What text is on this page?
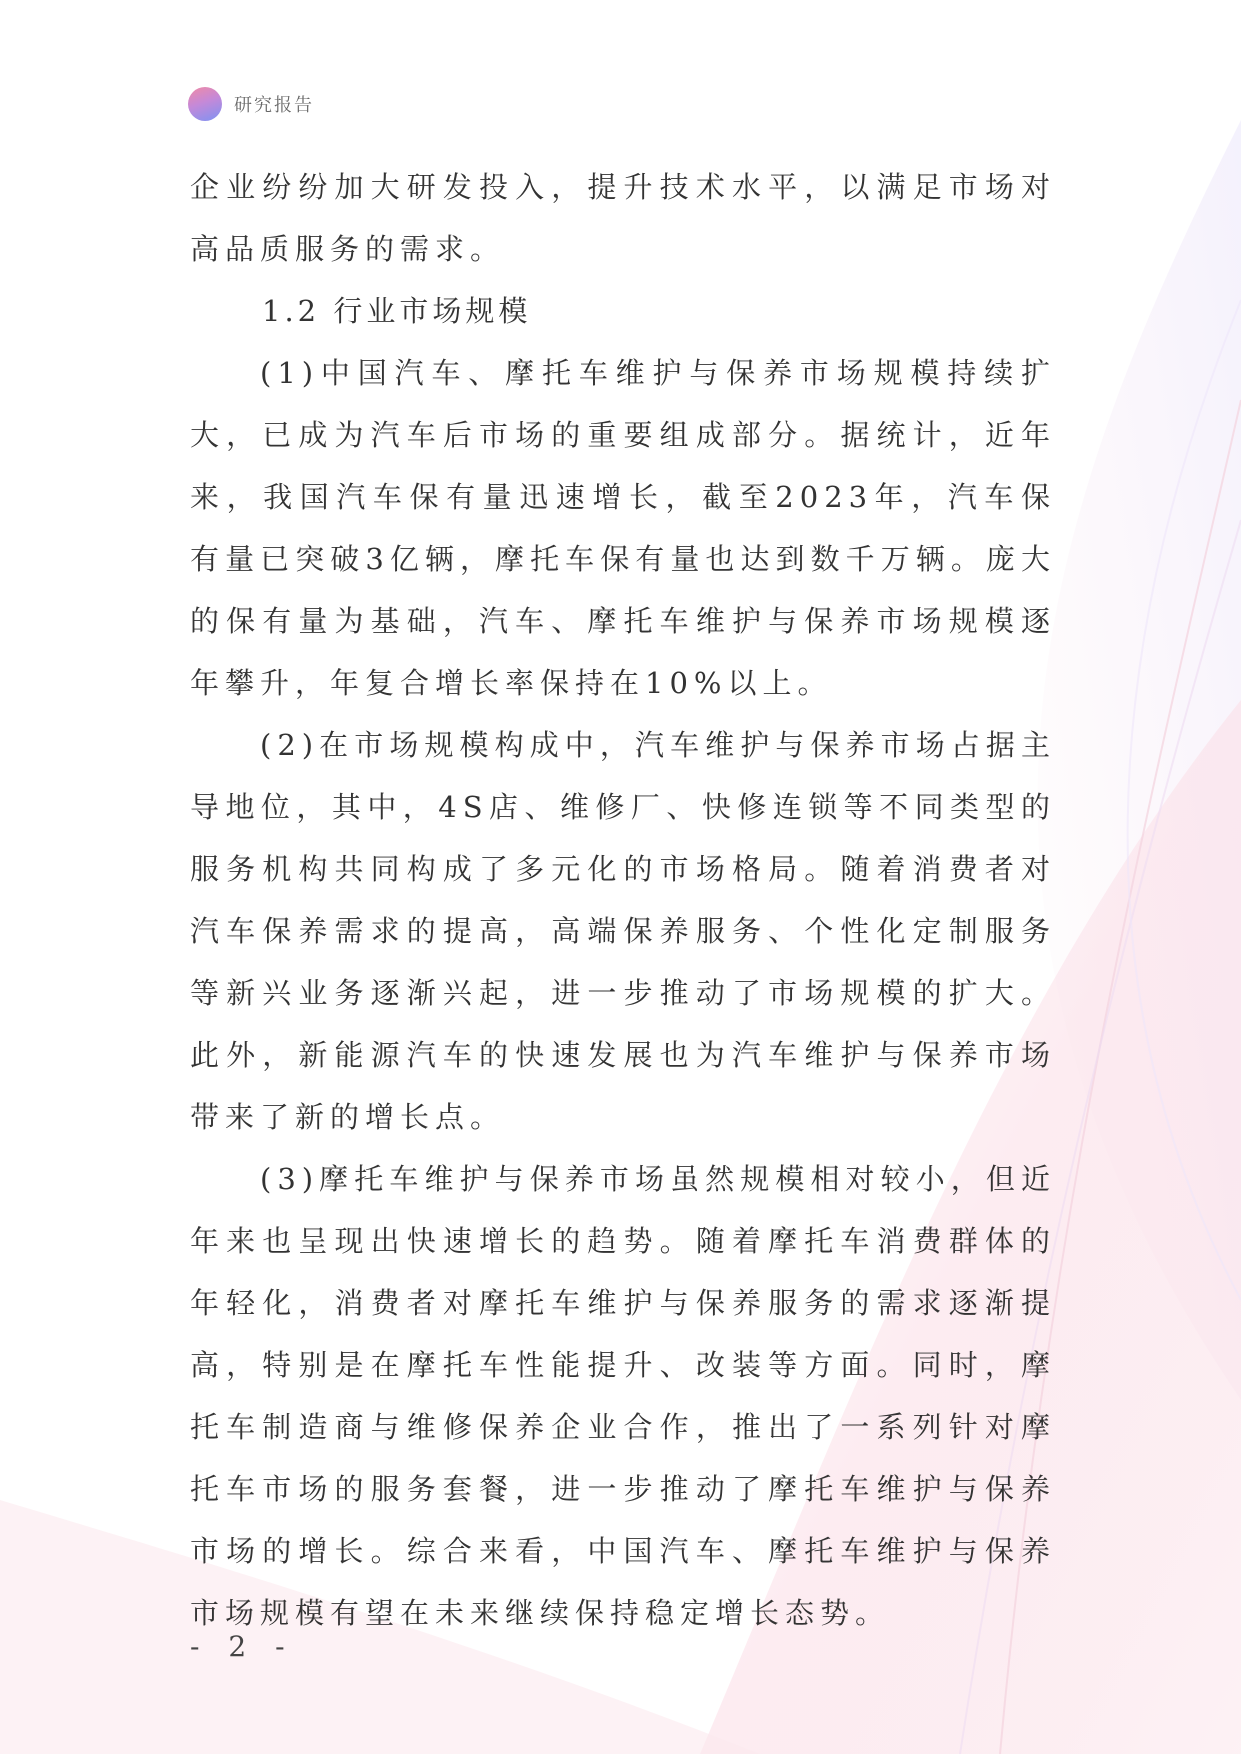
研究报告

企业纷纷加大研发投入，提升技术水平，以满足市场对高品质服务的需求。

1.2 行业市场规模

(1)中国汽车、摩托车维护与保养市场规模持续扩大，已成为汽车后市场的重要组成部分。据统计，近年来，我国汽车保有量迅速增长，截至2023年，汽车保有量已突破3亿辆，摩托车保有量也达到数千万辆。庞大的保有量为基础，汽车、摩托车维护与保养市场规模逐年攀升，年复合增长率保持在10%以上。

(2)在市场规模构成中，汽车维护与保养市场占据主导地位，其中，4S店、维修厂、快修连锁等不同类型的服务机构共同构成了多元化的市场格局。随着消费者对汽车保养需求的提高，高端保养服务、个性化定制服务等新兴业务逐渐兴起，进一步推动了市场规模的扩大。此外，新能源汽车的快速发展也为汽车维护与保养市场带来了新的增长点。

(3)摩托车维护与保养市场虽然规模相对较小，但近年来也呈现出快速增长的趋势。随着摩托车消费群体的年轻化，消费者对摩托车维护与保养服务的需求逐渐提高，特别是在摩托车性能提升、改装等方面。同时，摩托车制造商与维修保养企业合作，推出了一系列针对摩托车市场的服务套餐，进一步推动了摩托车维护与保养市场的增长。综合来看，中国汽车、摩托车维护与保养市场规模有望在未来继续保持稳定增长态势。

- 2 -
